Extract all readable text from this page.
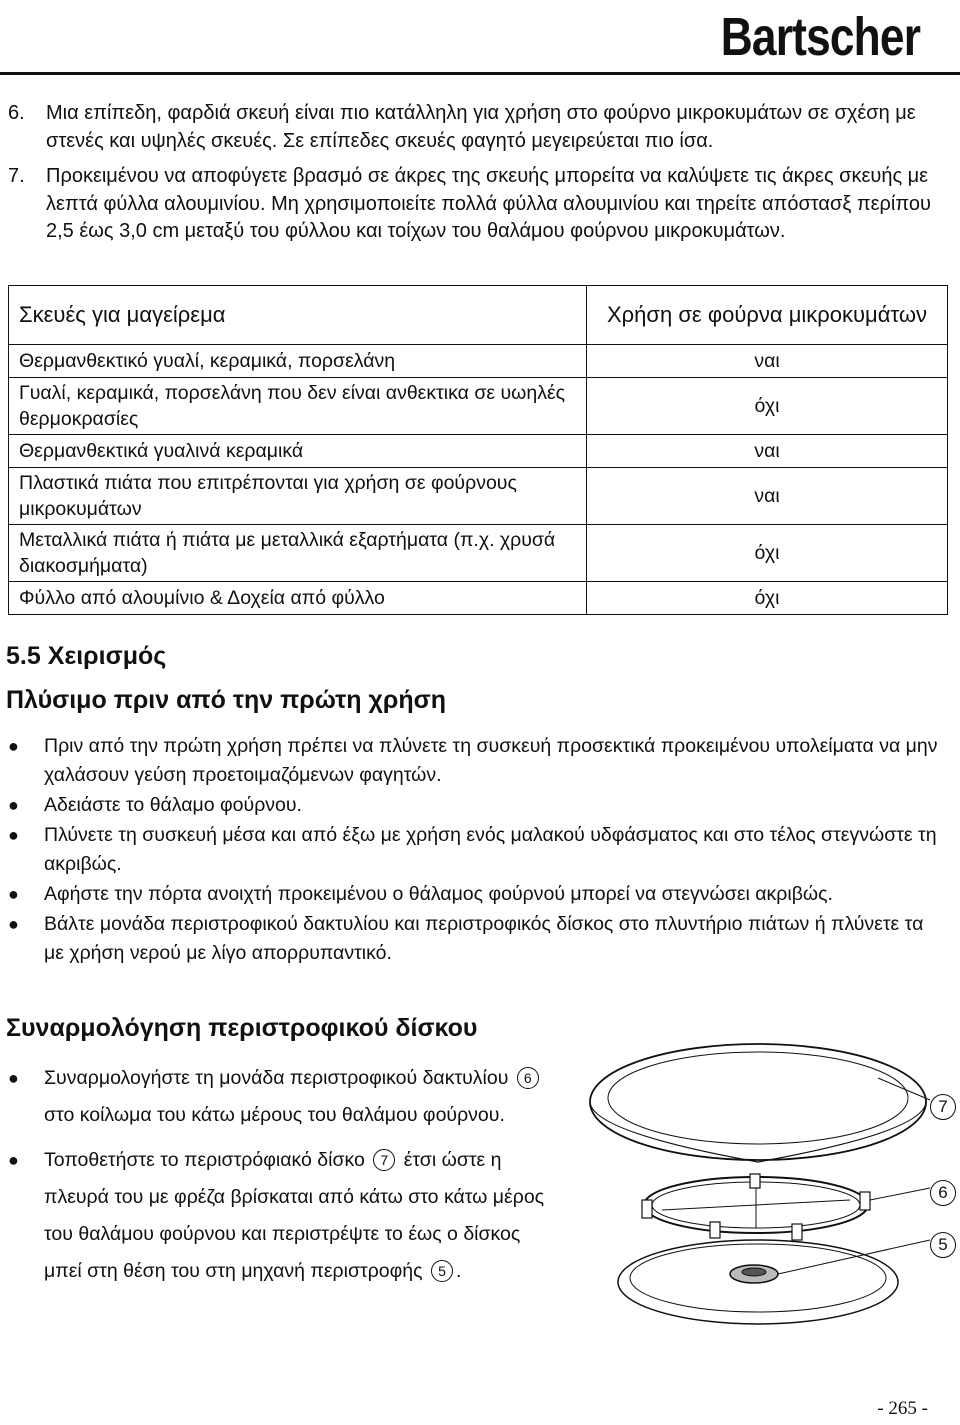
Bartscher
6.	Μια επίπεδη, φαρδιά σκευή είναι πιο κατάλληλη για χρήση στο φούρνο μικροκυμάτων σε σχέση με στενές και υψηλές σκευές. Σε επίπεδες σκευές φαγητό μεγειρεύεται πιο ίσα.
7.	Προκειμένου να αποφύγετε βρασμό σε άκρες της σκευής μπορείτα να καλύψετε τις άκρες σκευής με λεπτά φύλλα αλουμινίου. Μη χρησιμοποιείτε πολλά φύλλα αλουμινίου και τηρείτε απόστασξ περίπου 2,5 έως 3,0 cm μεταξύ του φύλλου και τοίχων του θαλάμου φούρνου μικροκυμάτων.
Σκευές για μαγείρεμα	Χρήση σε φούρνα μικροκυμάτων
Θερμανθεκτικό γυαλί, κεραμικά, πορσελάνη	ναι
Γυαλί, κεραμικά, πορσελάνη που δεν είναι ανθεκτικα σε υωηλές θερμοκρασίες	όχι
Θερμανθεκτικά γυαλινά κεραμικά	ναι
Πλαστικά πιάτα που επιτρέπονται για χρήση σε φούρνους μικροκυμάτων	ναι
Μεταλλικά πιάτα ή πιάτα με μεταλλικά εξαρτήματα (π.χ. χρυσά διακοσμήματα)	όχι
Φύλλο από αλουμίνιο & Δοχεία από φύλλο	όχι
5.5 Χειρισμός
Πλύσιμο πριν από την πρώτη χρήση
●	Πριν από την πρώτη χρήση πρέπει να πλύνετε τη συσκευή προσεκτικά προκειμένου υπολείματα να μην χαλάσουν γεύση προετοιμαζόμενων φαγητών.
●	Αδειάστε το θάλαμο φούρνου.
●	Πλύνετε τη συσκευή μέσα και από έξω με χρήση ενός μαλακού υδφάσματος και στο τέλος στεγνώστε τη ακριβώς.
●	Αφήστε την πόρτα ανοιχτή προκειμένου ο θάλαμος φούρνού μπορεί να στεγνώσει ακριβώς.
●	Βάλτε μονάδα περιστροφικού δακτυλίου και περιστροφικός δίσκος στο πλυντήριο πιάτων ή πλύνετε τα με χρήση νερού με λίγο απορρυπαντικό.
Συναρμολόγηση περιστροφικού δίσκου
●	Συναρμολογήστε τη μονάδα περιστροφικού δακτυλίου 6 στο κοίλωμα του κάτω μέρους του θαλάμου φούρνου.
●	Τοποθετήστε το περιστρόφιακό δίσκο 7 έτσι ώστε η πλευρά του με φρέζα βρίσκαται από κάτω στο κάτω μέρος του θαλάμου φούρνου και περιστρέψτε το έως ο δίσκος μπεί στη θέση του στη μηχανή περιστροφής 5 .
7
6
5
- 265 -
